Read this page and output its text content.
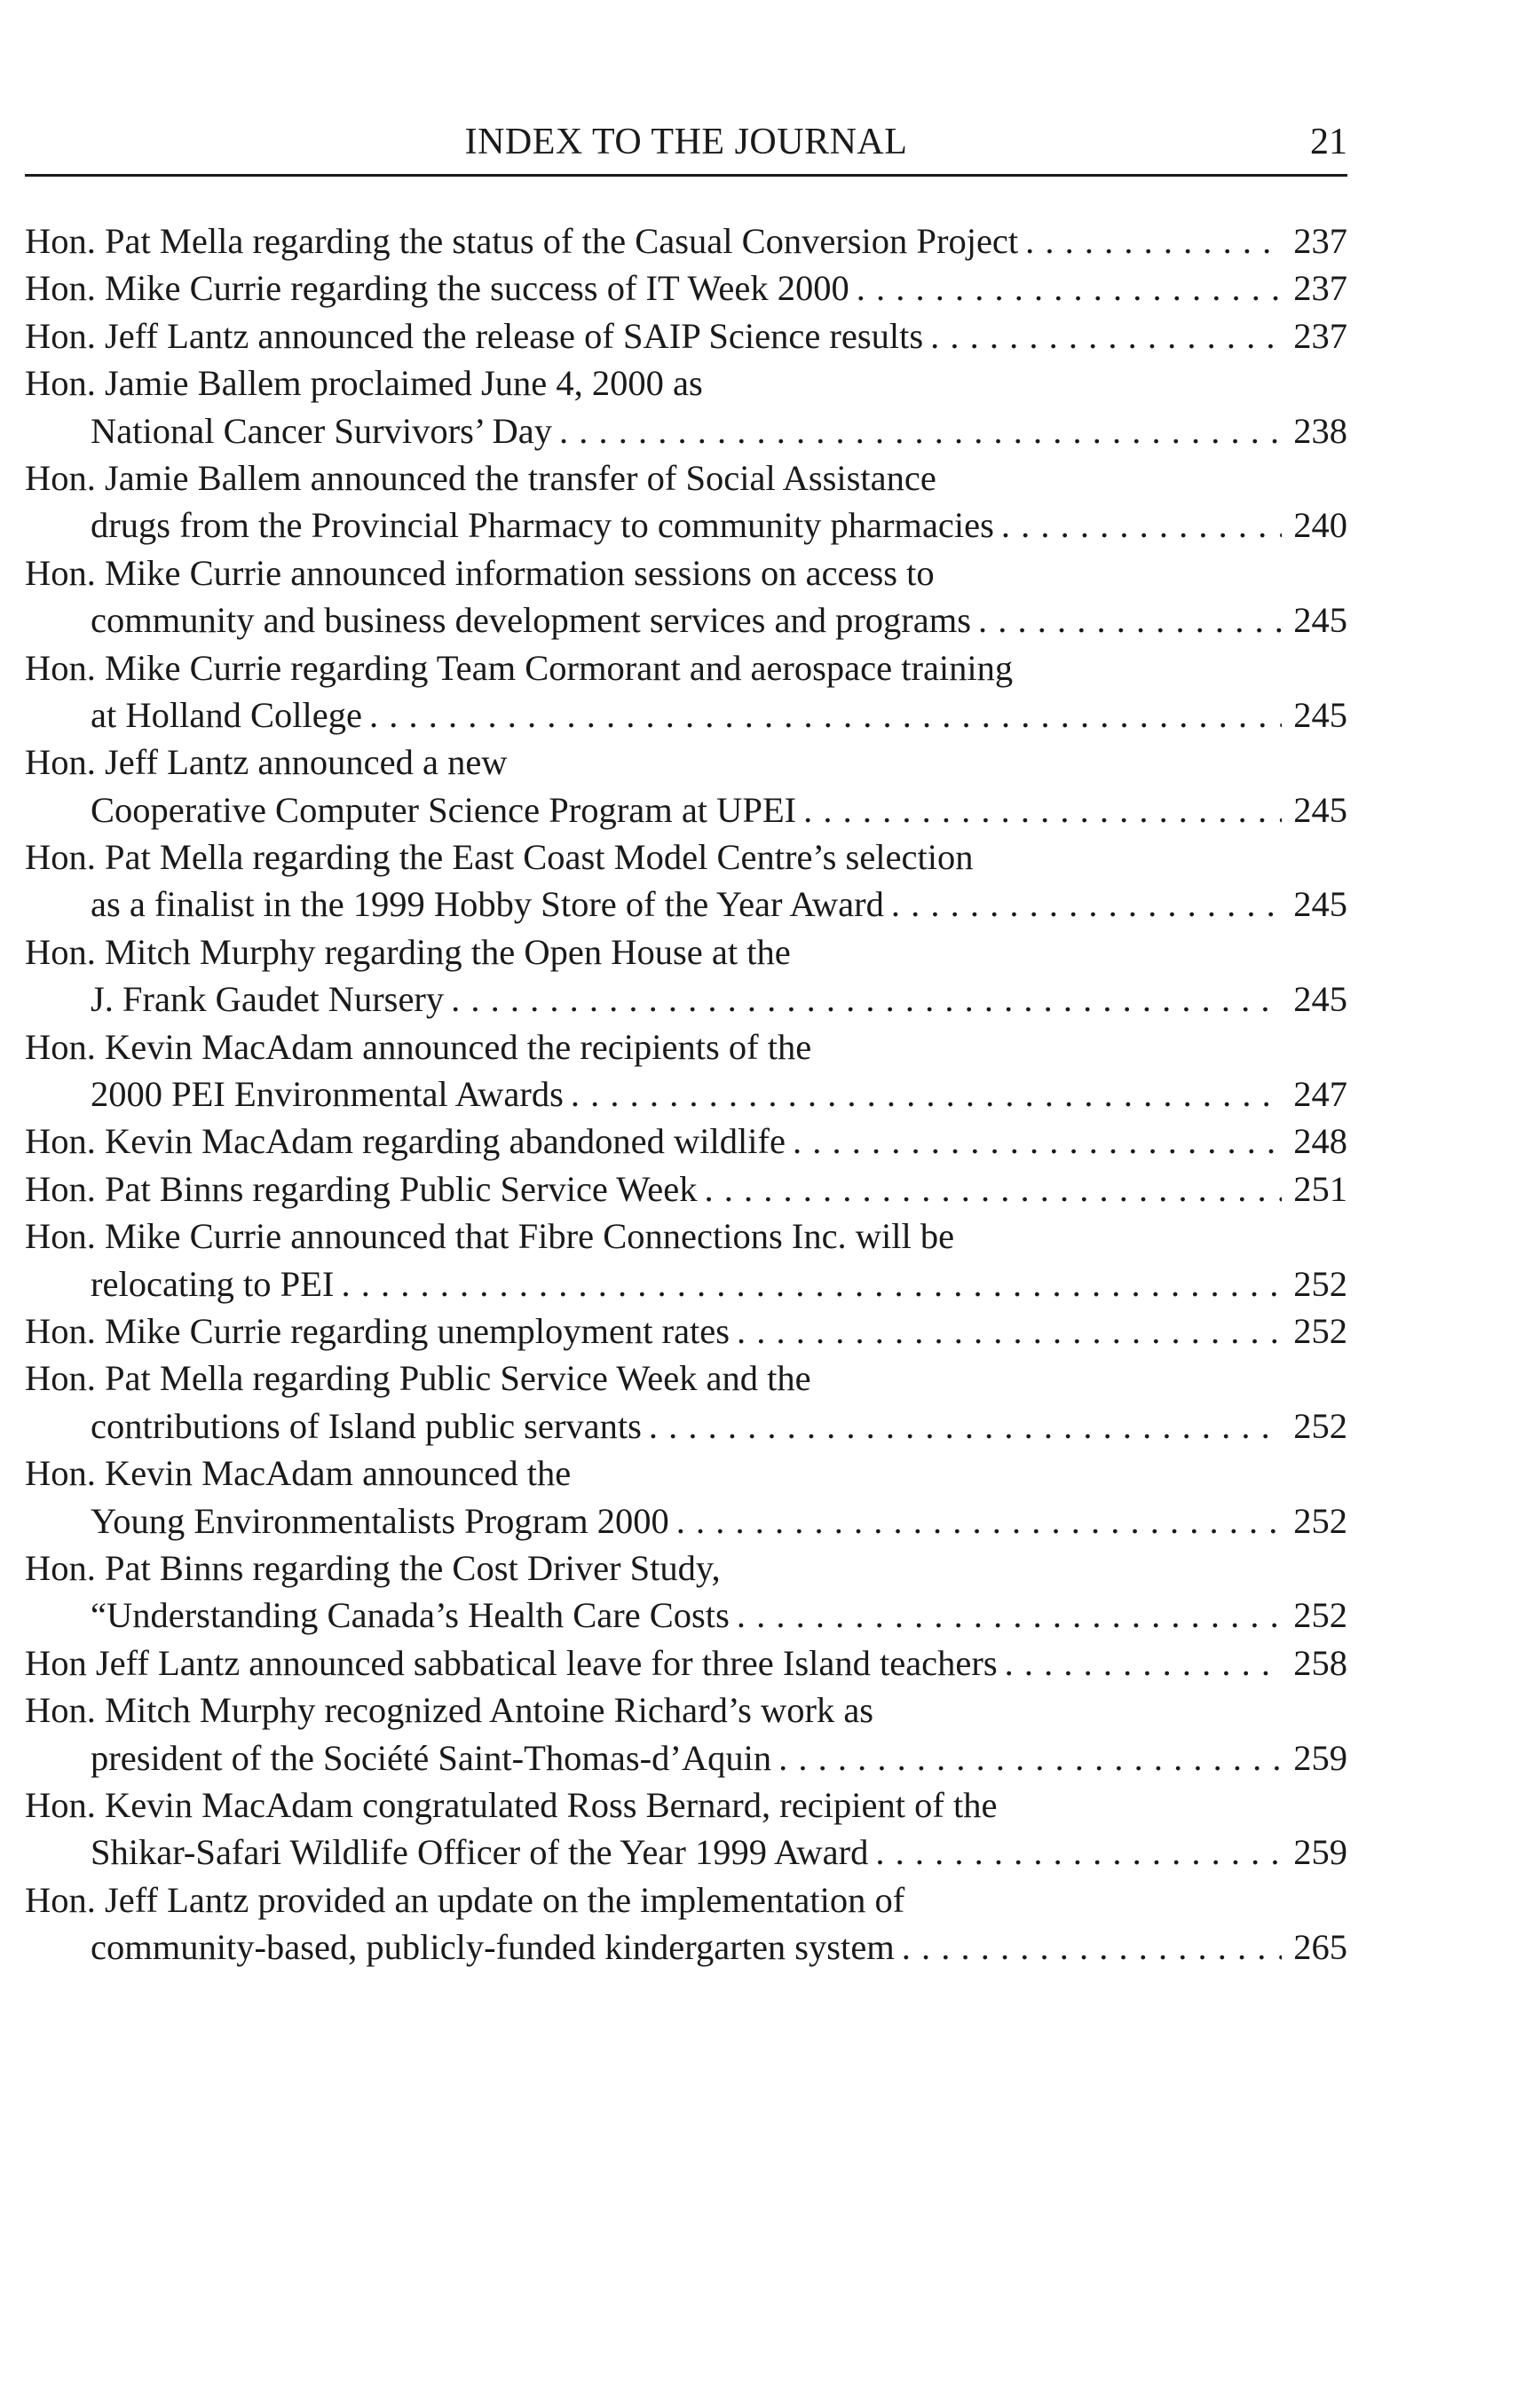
INDEX TO THE JOURNAL	21
Hon. Pat Mella regarding the status of the Casual Conversion Project . . .	237
Hon. Mike Currie regarding the success of IT Week 2000 . . .	237
Hon. Jeff Lantz announced the release of SAIP Science results . . .	237
Hon. Jamie Ballem proclaimed June 4, 2000 as
National Cancer Survivors’ Day . . .	238
Hon. Jamie Ballem announced the transfer of Social Assistance
drugs from the Provincial Pharmacy to community pharmacies . . .	240
Hon. Mike Currie announced information sessions on access to
community and business development services and programs . . .	245
Hon. Mike Currie regarding Team Cormorant and aerospace training
at Holland College . . .	245
Hon. Jeff Lantz announced a new
Cooperative Computer Science Program at UPEI . . .	245
Hon. Pat Mella regarding the East Coast Model Centre’s selection
as a finalist in the 1999 Hobby Store of the Year Award . . .	245
Hon. Mitch Murphy regarding the Open House at the
J. Frank Gaudet Nursery . . .	245
Hon. Kevin MacAdam announced the recipients of the
2000 PEI Environmental Awards . . .	247
Hon. Kevin MacAdam regarding abandoned wildlife . . .	248
Hon. Pat Binns regarding Public Service Week . . .	251
Hon. Mike Currie announced that Fibre Connections Inc. will be
relocating to PEI . . .	252
Hon. Mike Currie regarding unemployment rates . . .	252
Hon. Pat Mella regarding Public Service Week and the
contributions of Island public servants . . .	252
Hon. Kevin MacAdam announced the
Young Environmentalists Program 2000 . . .	252
Hon. Pat Binns regarding the Cost Driver Study,
“Understanding Canada’s Health Care Costs . . .	252
Hon Jeff Lantz announced sabbatical leave for three Island teachers . . .	258
Hon. Mitch Murphy recognized Antoine Richard’s work as
president of the Société Saint-Thomas-d’Aquin . . .	259
Hon. Kevin MacAdam congratulated Ross Bernard, recipient of the
Shikar-Safari Wildlife Officer of the Year 1999 Award . . .	259
Hon. Jeff Lantz provided an update on the implementation of
community-based, publicly-funded kindergarten system . . .	265
